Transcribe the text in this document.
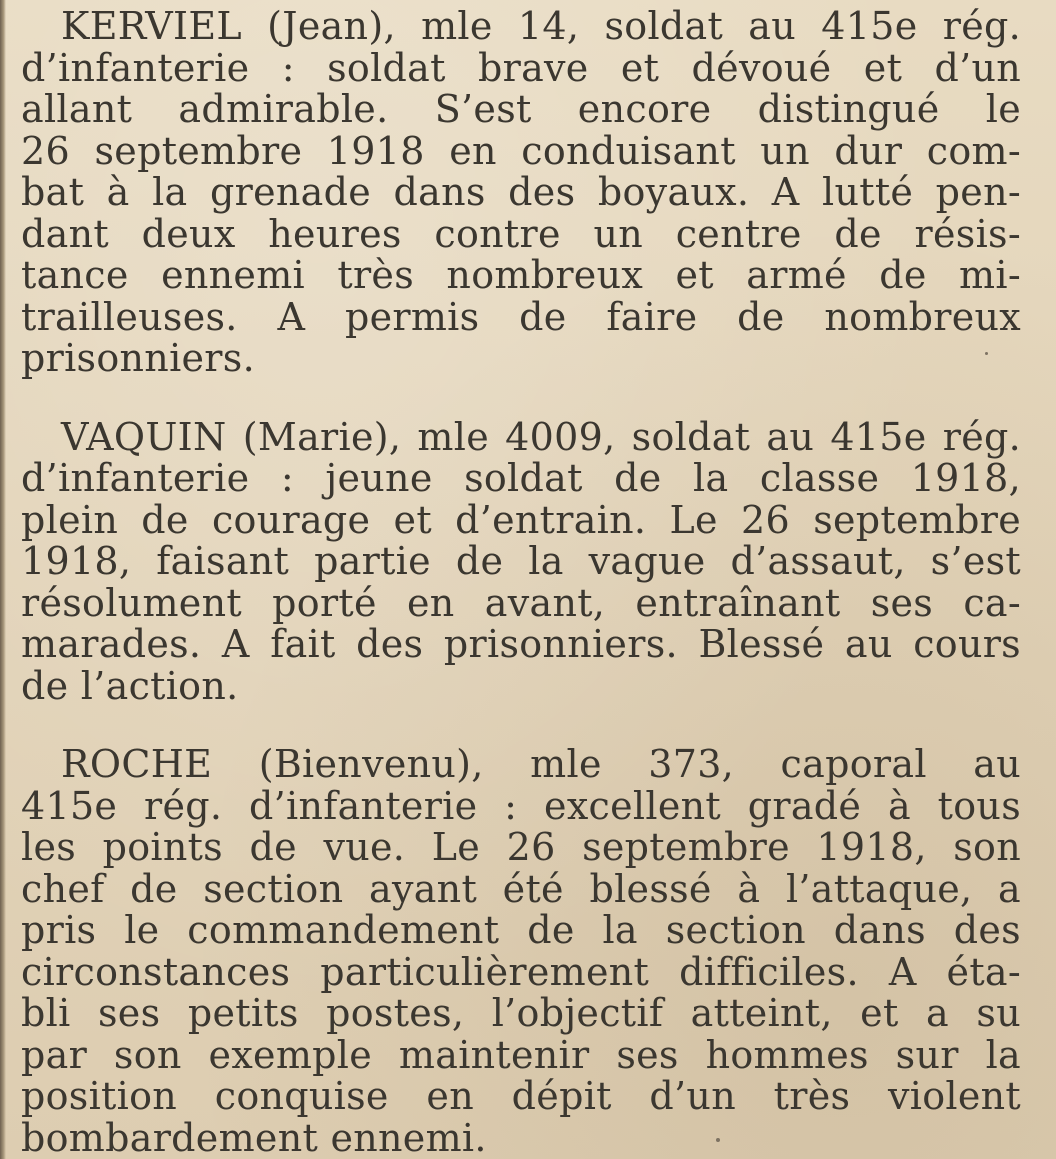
KERVIEL (Jean), mle 14, soldat au 415e rég.
d’infanterie : soldat brave et dévoué et d’un
allant admirable. S’est encore distingué le
26 septembre 1918 en conduisant un dur com-
bat à la grenade dans des boyaux. A lutté pen-
dant deux heures contre un centre de résis-
tance ennemi très nombreux et armé de mi-
trailleuses. A permis de faire de nombreux
prisonniers.
VAQUIN (Marie), mle 4009, soldat au 415e rég.
d’infanterie : jeune soldat de la classe 1918,
plein de courage et d’entrain. Le 26 septembre
1918, faisant partie de la vague d’assaut, s’est
résolument porté en avant, entraînant ses ca-
marades. A fait des prisonniers. Blessé au cours
de l’action.
ROCHE (Bienvenu), mle 373, caporal au
415e rég. d’infanterie : excellent gradé à tous
les points de vue. Le 26 septembre 1918, son
chef de section ayant été blessé à l’attaque, a
pris le commandement de la section dans des
circonstances particulièrement difficiles. A éta-
bli ses petits postes, l’objectif atteint, et a su
par son exemple maintenir ses hommes sur la
position conquise en dépit d’un très violent
bombardement ennemi.
